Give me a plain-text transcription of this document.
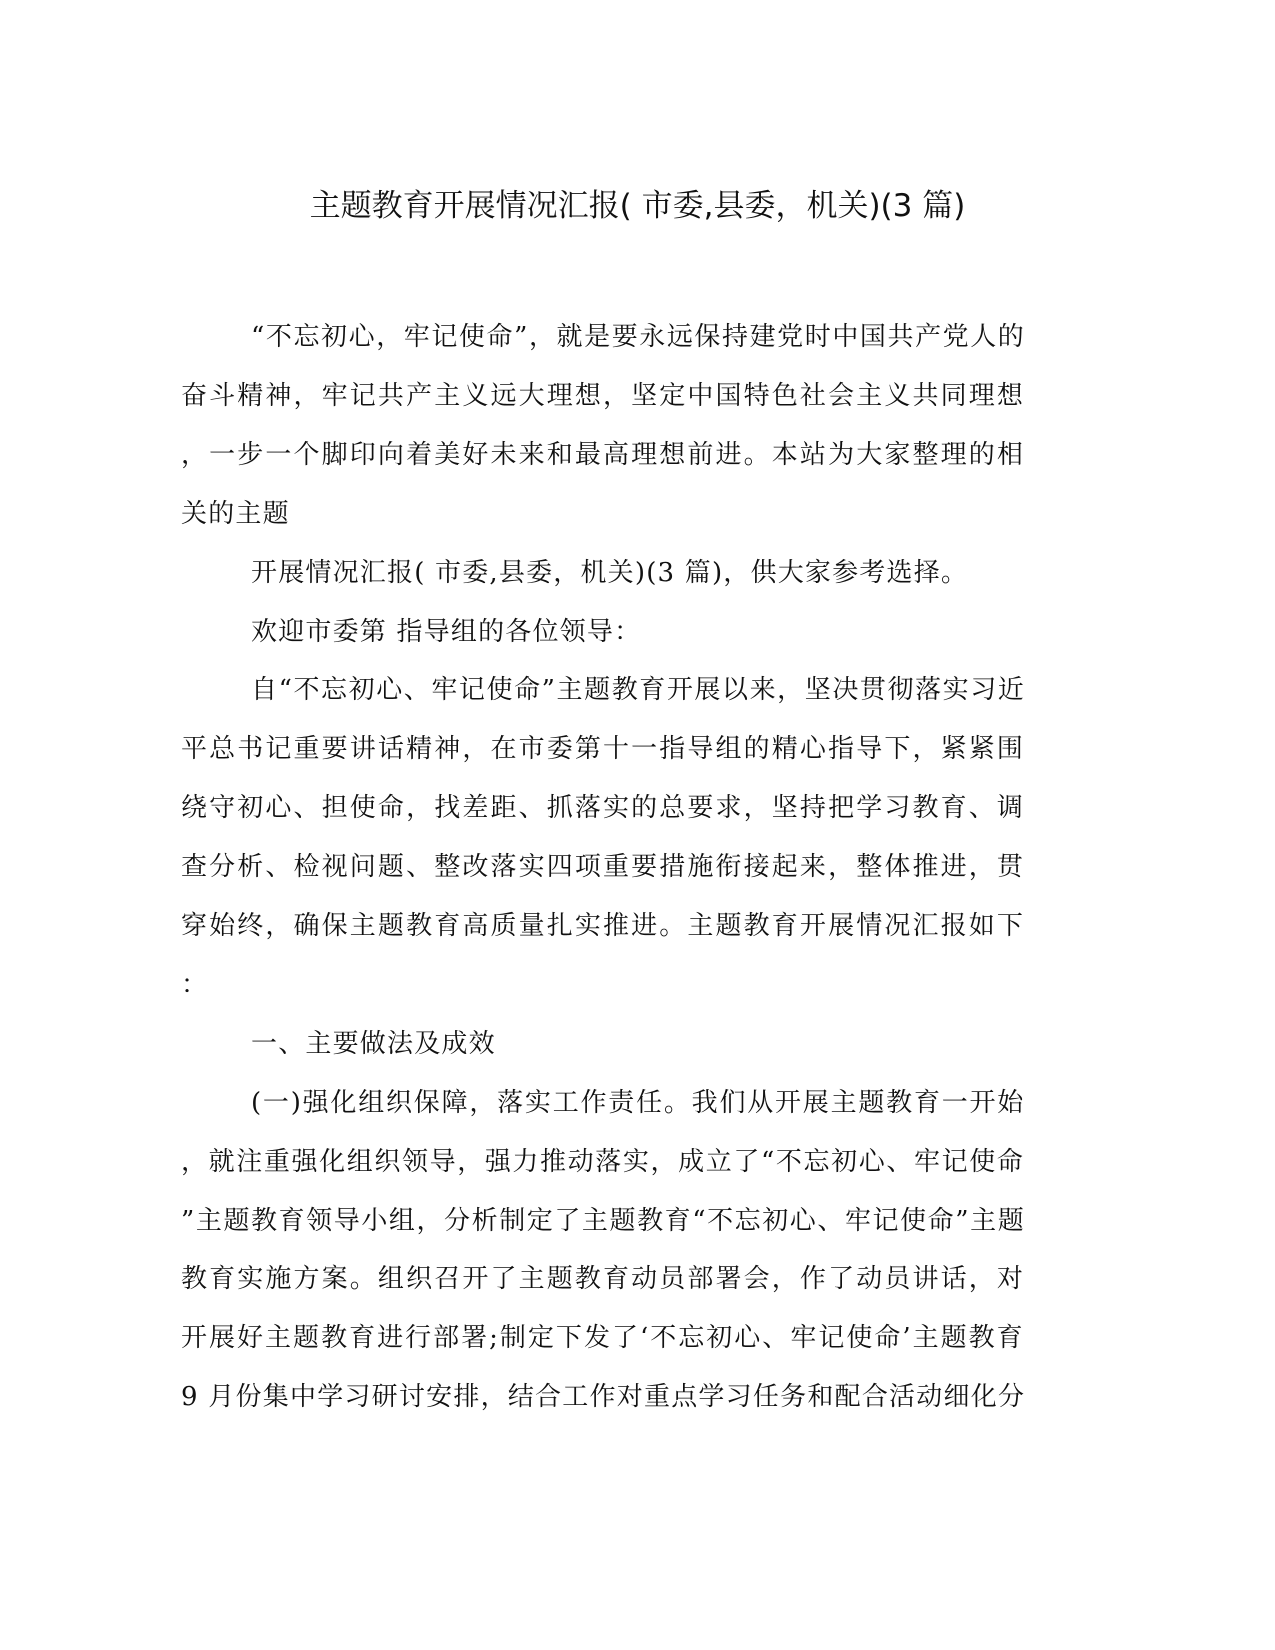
主题教育开展情况汇报( 市委,县委，机关)(3 篇)
“不忘初心，牢记使命”，就是要永远保持建党时中国共产党人的
奋斗精神，牢记共产主义远大理想，坚定中国特色社会主义共同理想
，一步一个脚印向着美好未来和最高理想前进。本站为大家整理的相
关的主题
开展情况汇报( 市委,县委，机关)(3 篇)，供大家参考选择。
欢迎市委第 指导组的各位领导：
自“不忘初心、牢记使命”主题教育开展以来，坚决贯彻落实习近
平总书记重要讲话精神，在市委第十一指导组的精心指导下，紧紧围
绕守初心、担使命，找差距、抓落实的总要求，坚持把学习教育、调
查分析、检视问题、整改落实四项重要措施衔接起来，整体推进，贯
穿始终，确保主题教育高质量扎实推进。主题教育开展情况汇报如下
：
一、主要做法及成效
(一)强化组织保障，落实工作责任。我们从开展主题教育一开始
，就注重强化组织领导，强力推动落实，成立了“不忘初心、牢记使命
”主题教育领导小组，分析制定了主题教育“不忘初心、牢记使命”主题
教育实施方案。组织召开了主题教育动员部署会，作了动员讲话，对
开展好主题教育进行部署;制定下发了‘不忘初心、牢记使命’主题教育
9 月份集中学习研讨安排，结合工作对重点学习任务和配合活动细化分
